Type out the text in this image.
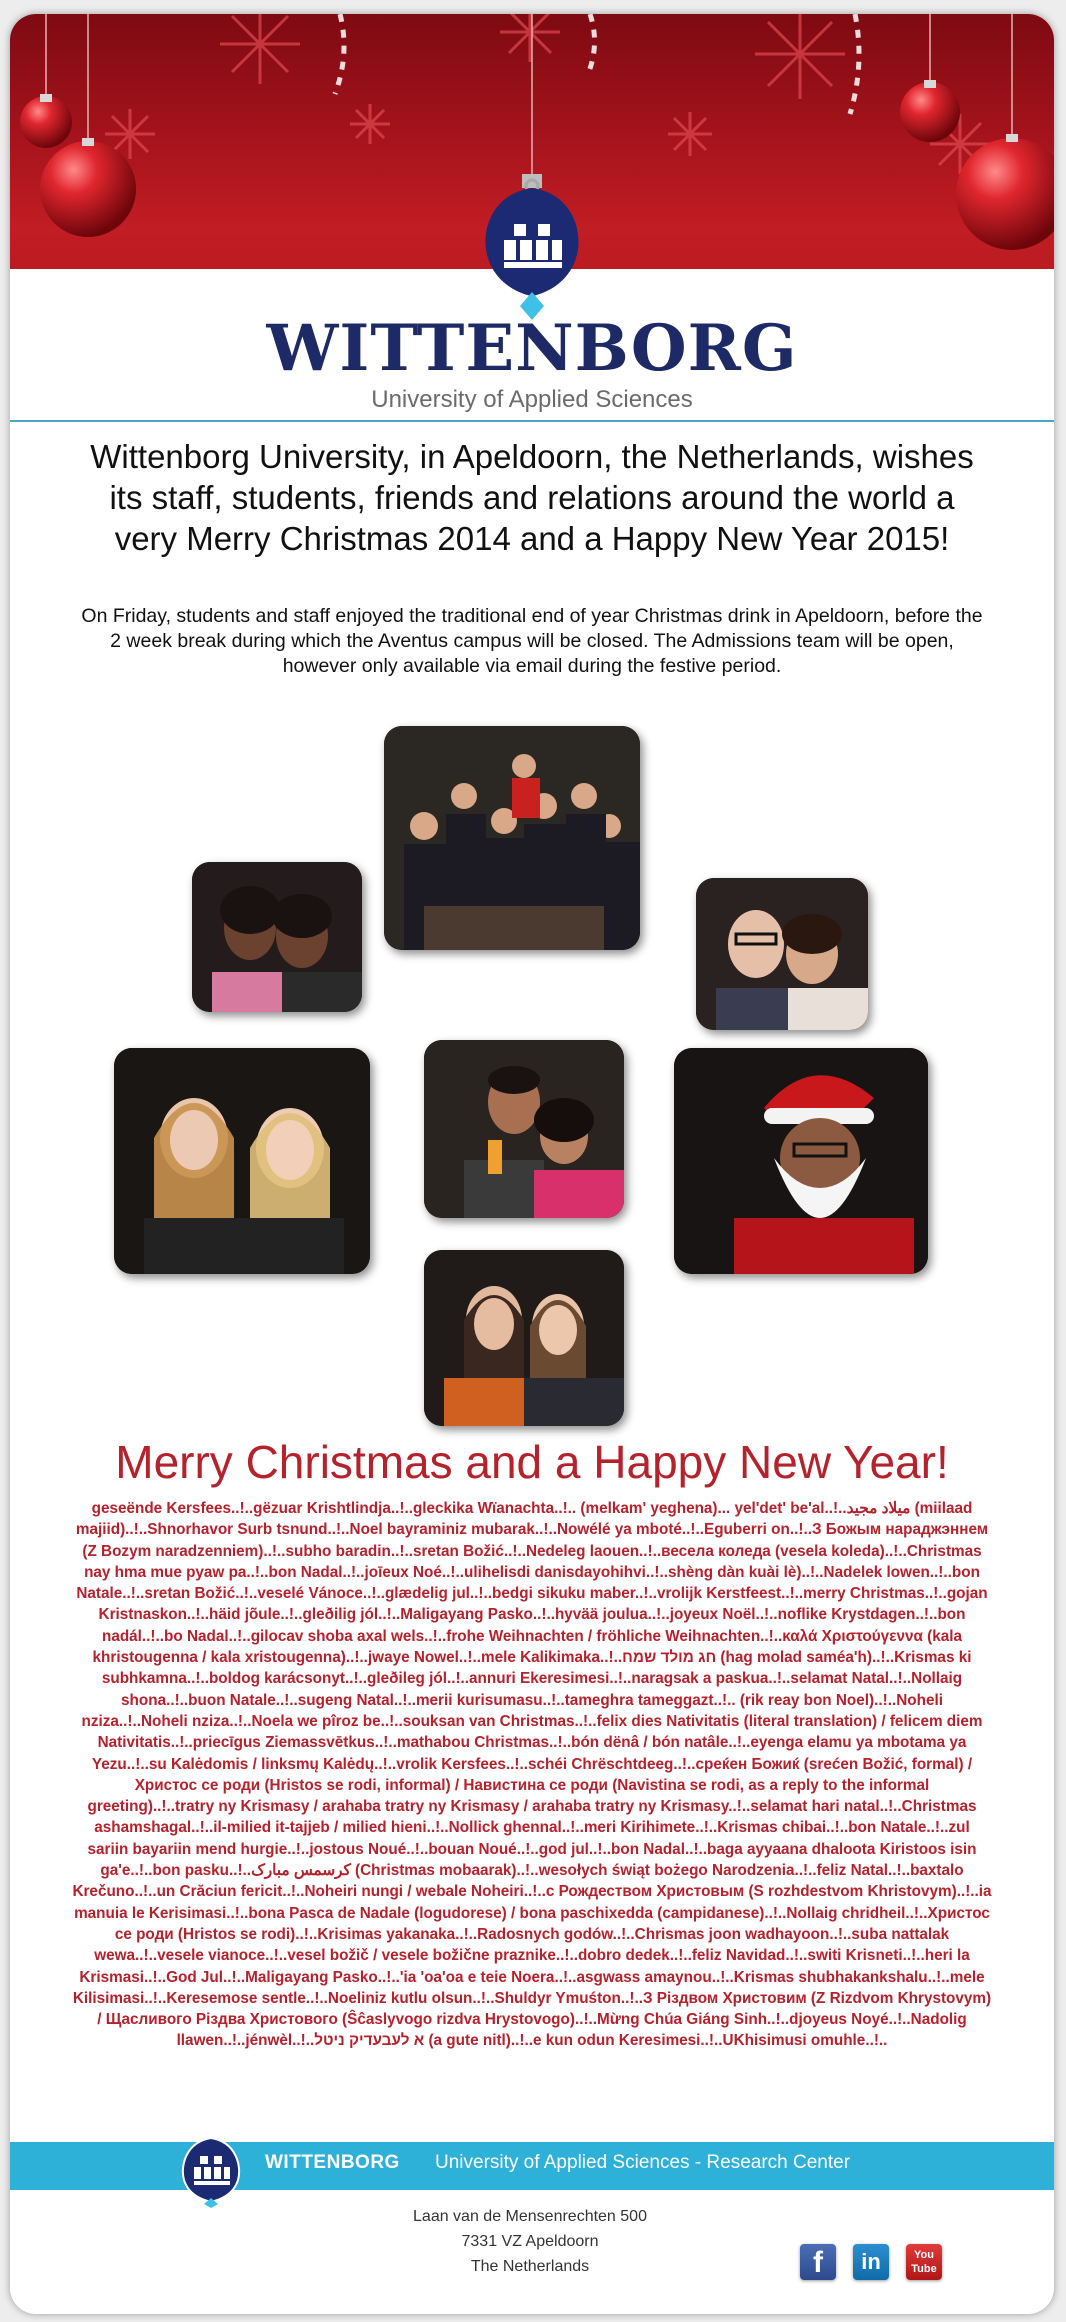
WITTENBORG
University of Applied Sciences
Wittenborg University, in Apeldoorn, the Netherlands, wishes its staff, students, friends and relations around the world a very Merry Christmas 2014 and a Happy New Year 2015!
On Friday, students and staff enjoyed the traditional end of year Christmas drink in Apeldoorn, before the 2 week break during which the Aventus campus will be closed. The Admissions team will be open, however only available via email during the festive period.
Merry Christmas and a Happy New Year!
geseënde Kersfees..!..gëzuar Krishtlindja..!..gleckika Wïanachta..!.. (melkam' yeghena)... yel'det' be'al..!..ميلاد مجيد (miilaad majiid)..!..Shnorhavor Surb tsnund..!..Noel bayraminiz mubarak..!..Nowélé ya mboté..!..Eguberri on..!..З Божым нараджэннем (Z Bozym naradzenniem)..!..subho baradin..!..sretan Božić..!..Nedeleg laouen..!..весела коледа (vesela koleda)..!..Christmas nay hma mue pyaw pa..!..bon Nadal..!..joīeux Noé..!..ulihelisdi danisdayohihvi..!..shèng dàn kuài lè)..!..Nadelek lowen..!..bon Natale..!..sretan Božić..!..veselé Vánoce..!..glædelig jul..!..bedgi sikuku maber..!..vrolijk Kerstfeest..!..merry Christmas..!..gojan Kristnaskon..!..häid jõule..!..gleðilig jól..!..Maligayang Pasko..!..hyvää joulua..!..joyeux Noël..!..noflike Krystdagen..!..bon nadál..!..bo Nadal..!..gilocav shoba axal wels..!..frohe Weihnachten / fröhliche Weihnachten..!..καλά Χριστούγεννα (kala khristougenna / kala xristougenna)..!..jwaye Nowel..!..mele Kalikimaka..!..חג מולד שמח (hag molad saméa'h)..!..Krismas ki subhkamna..!..boldog karácsonyt..!..gleðileg jól..!..annuri Ekeresimesi..!..naragsak a paskua..!..selamat Natal..!..Nollaig shona..!..buon Natale..!..sugeng Natal..!..merii kurisumasu..!..tameghra tameggazt..!.. (rik reay bon Noel)..!..Noheli nziza..!..Noheli nziza..!..Noela we pîroz be..!..souksan van Christmas..!..felix dies Nativitatis (literal translation) / felicem diem Nativitatis..!..priecīgus Ziemassvētkus..!..mathabou Christmas..!..bón dënâ / bón natâle..!..eyenga elamu ya mbotama ya Yezu..!..su Kalėdomis / linksmų Kalėdų..!..vrolik Kersfees..!..schéi Chrëschtdeeg..!..среќен Божиќ (srećen Božić, formal) / Христос се роди (Hristos se rodi, informal) / Навистина се роди (Navistina se rodi, as a reply to the informal greeting)..!..tratry ny Krismasy / arahaba tratry ny Krismasy / arahaba tratry ny Krismasy..!..selamat hari natal..!..Christmas ashamshagal..!..il-milied it-tajjeb / milied hieni..!..Nollick ghennal..!..meri Kirihimete..!..Krismas chibai..!..bon Natale..!..zul sariin bayariin mend hurgie..!..jostous Noué..!..bouan Noué..!..god jul..!..bon Nadal..!..baga ayyaana dhaloota Kiristoos isin ga'e..!..bon pasku..!..کرسمس مبارک (Christmas mobaarak)..!..wesołych świąt bożego Narodzenia..!..feliz Natal..!..baxtalo Krečuno..!..un Crăciun fericit..!..Noheiri nungi / webale Noheiri..!..с Рождеством Христовым (S rozhdestvom Khristovym)..!..ia manuia le Kerisimasi..!..bona Pasca de Nadale (logudorese) / bona paschixedda (campidanese)..!..Nollaig chridheil..!..Христос се роди (Hristos se rodi)..!..Krisimas yakanaka..!..Radosnych godów..!..Chrismas joon wadhayoon..!..suba nattalak wewa..!..vesele vianoce..!..vesel božič / vesele božične praznike..!..dobro dedek..!..feliz Navidad..!..switi Krisneti..!..heri la Krismasi..!..God Jul..!..Maligayang Pasko..!..'ia 'oa'oa e teie Noera..!..asgwass amaynou..!..Krismas shubhakankshalu..!..mele Kilisimasi..!..Keresemose sentle..!..Noeliniz kutlu olsun..!..Shuldyr Ymuśton..!..З Різдвом Христовим (Z Rizdvom Khrystovym) / Щасливого Різдва Христового (Ŝĉaslyvogo rizdva Hrystovogo)..!..Mừng Chúa Giáng Sinh..!..djoyeus Noyé..!..Nadolig llawen..!..jénwèl..!..א לעבעדיק ניטל (a gute nitl)..!..e kun odun Keresimesi..!..UKhisimusi omuhle..!..
WITTENBORG University of Applied Sciences - Research Center
Laan van de Mensenrechten 500
7331 VZ Apeldoorn
The Netherlands	f	in	You
Tube
